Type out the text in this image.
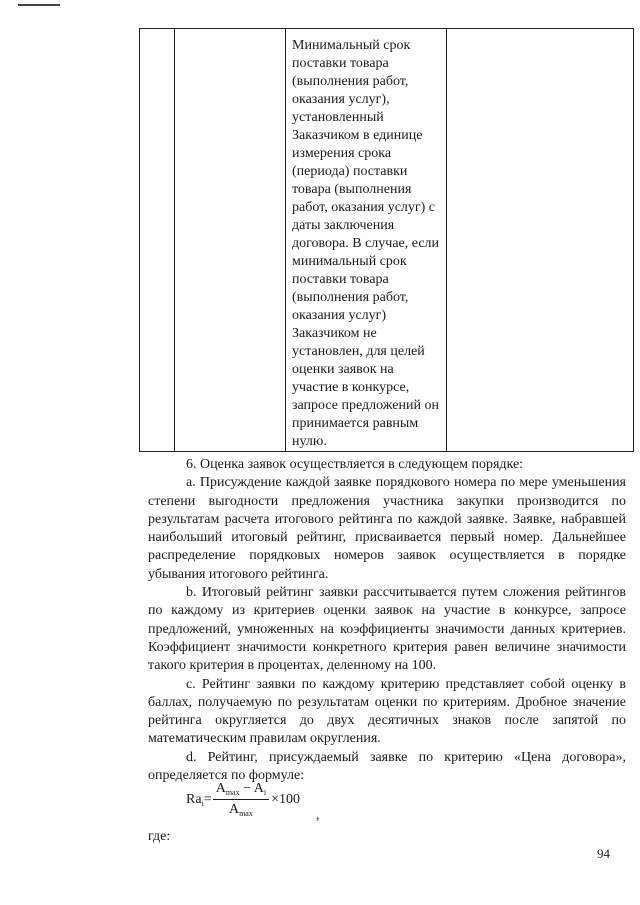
Минимальный срок поставки товара (выполнения работ, оказания услуг), установленный Заказчиком в единице измерения срока (периода) поставки товара (выполнения работ, оказания услуг) с даты заключения договора. В случае, если минимальный срок поставки товара (выполнения работ, оказания услуг) Заказчиком не установлен, для целей оценки заявок на участие в конкурсе, запросе предложений он принимается равным нулю.

6. Оценка заявок осуществляется в следующем порядке:

a. Присуждение каждой заявке порядкового номера по мере уменьшения степени выгодности предложения участника закупки производится по результатам расчета итогового рейтинга по каждой заявке. Заявке, набравшей наибольший итоговый рейтинг, присваивается первый номер. Дальнейшее распределение порядковых номеров заявок осуществляется в порядке убывания итогового рейтинга.

b. Итоговый рейтинг заявки рассчитывается путем сложения рейтингов по каждому из критериев оценки заявок на участие в конкурсе, запросе предложений, умноженных на коэффициенты значимости данных критериев. Коэффициент значимости конкретного критерия равен величине значимости такого критерия в процентах, деленному на 100.

c. Рейтинг заявки по каждому критерию представляет собой оценку в баллах, получаемую по результатам оценки по критериям. Дробное значение рейтинга округляется до двух десятичных знаков после запятой по математическим правилам округления.

d. Рейтинг, присуждаемый заявке по критерию «Цена договора», определяется по формуле:

$Ra_i = \frac{A_{max} - A_i}{A_{max}} \times 100$
,
где:
94
